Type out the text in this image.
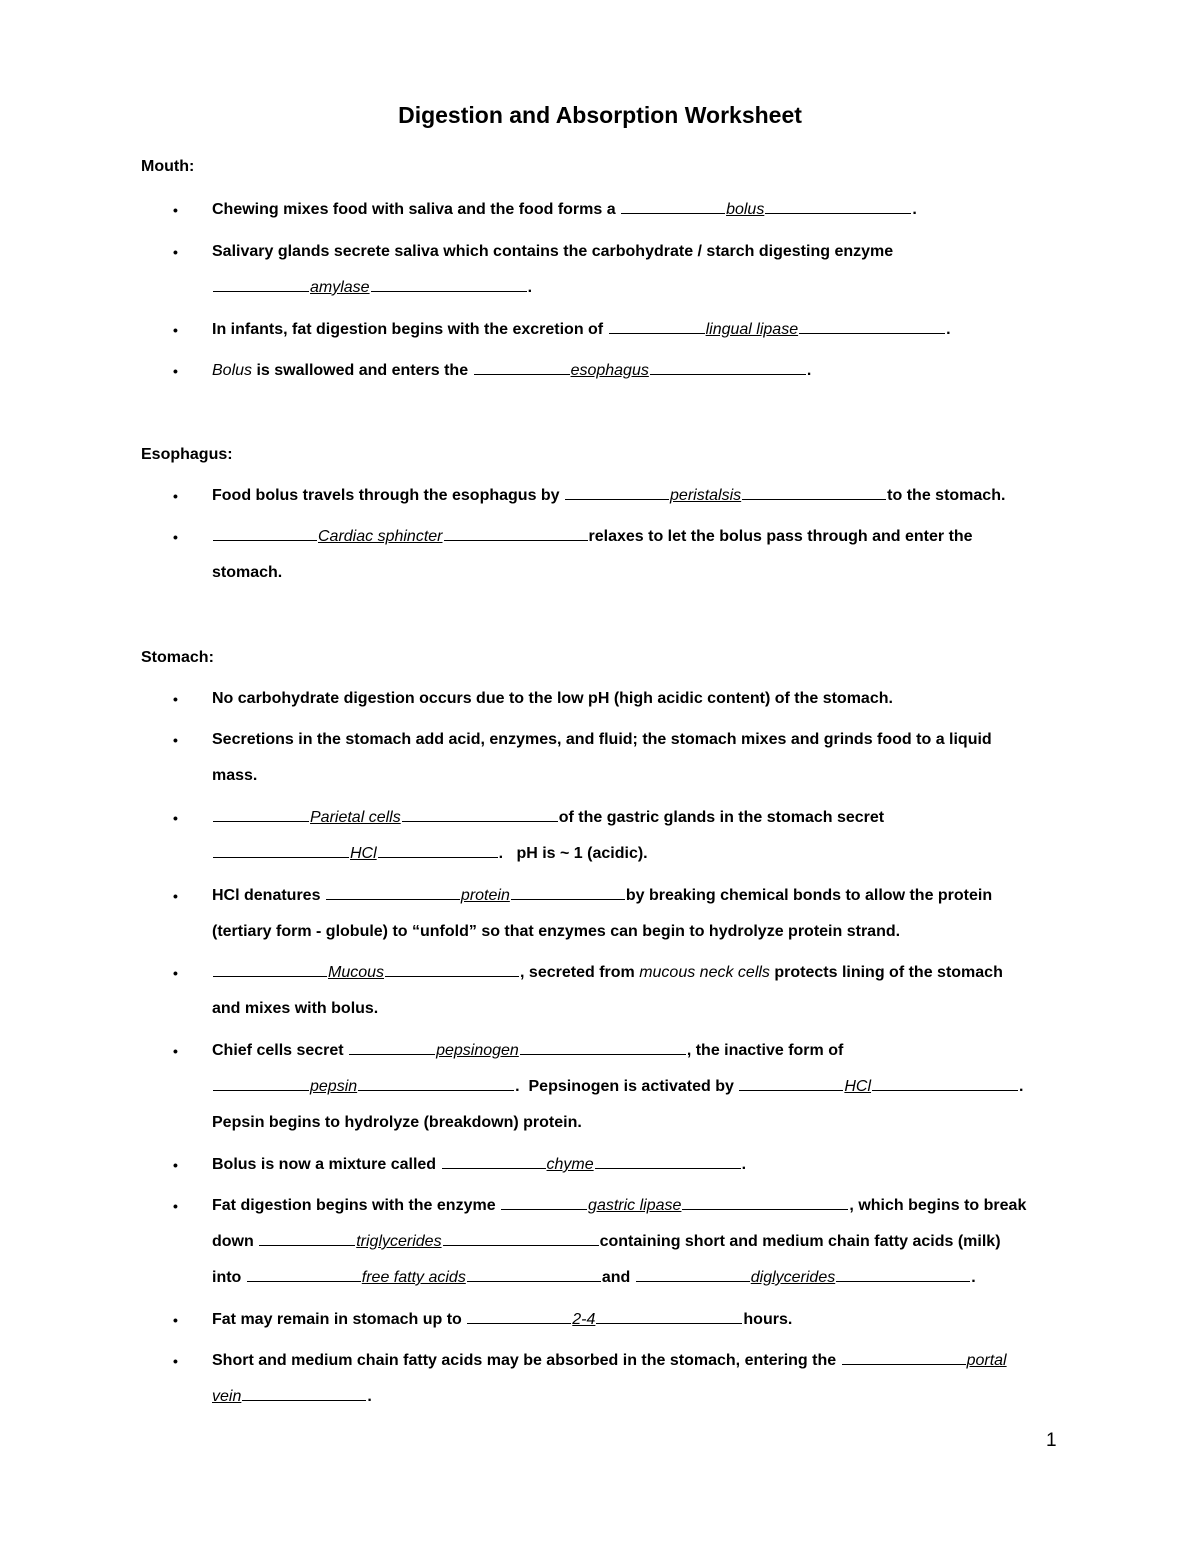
Digestion and Absorption Worksheet
Mouth:
• Chewing mixes food with saliva and the food forms a	bolus	.
• Salivary glands secrete saliva which contains the carbohydrate / starch digesting enzyme
amylase	.
• In infants, fat digestion begins with the excretion of	lingual lipase	.
• Bolus is swallowed and enters the	esophagus	.
Esophagus:
• Food bolus travels through the esophagus by	peristalsis	to the stomach.
•	Cardiac sphincter	relaxes to let the bolus pass through and enter the
stomach.
Stomach:
• No carbohydrate digestion occurs due to the low pH (high acidic content) of the stomach.
• Secretions in the stomach add acid, enzymes, and fluid; the stomach mixes and grinds food to a liquid
mass.
•	Parietal cells	of the gastric glands in the stomach secret
HCl	.   pH is ~ 1 (acidic).
• HCl denatures	protein	by breaking chemical bonds to allow the protein
(tertiary form - globule) to “unfold” so that enzymes can begin to hydrolyze protein strand.
•	Mucous	, secreted from mucous neck cells protects lining of the stomach
and mixes with bolus.
• Chief cells secret	pepsinogen	, the inactive form of
pepsin	.  Pepsinogen is activated by	HCl	.
Pepsin begins to hydrolyze (breakdown) protein.
• Bolus is now a mixture called	chyme	.
• Fat digestion begins with the enzyme	gastric lipase	, which begins to break
down	triglycerides	containing short and medium chain fatty acids (milk)
into	free fatty acids	and	diglycerides	.
• Fat may remain in stomach up to	2-4	hours.
• Short and medium chain fatty acids may be absorbed in the stomach, entering the	portal
vein	.
1
